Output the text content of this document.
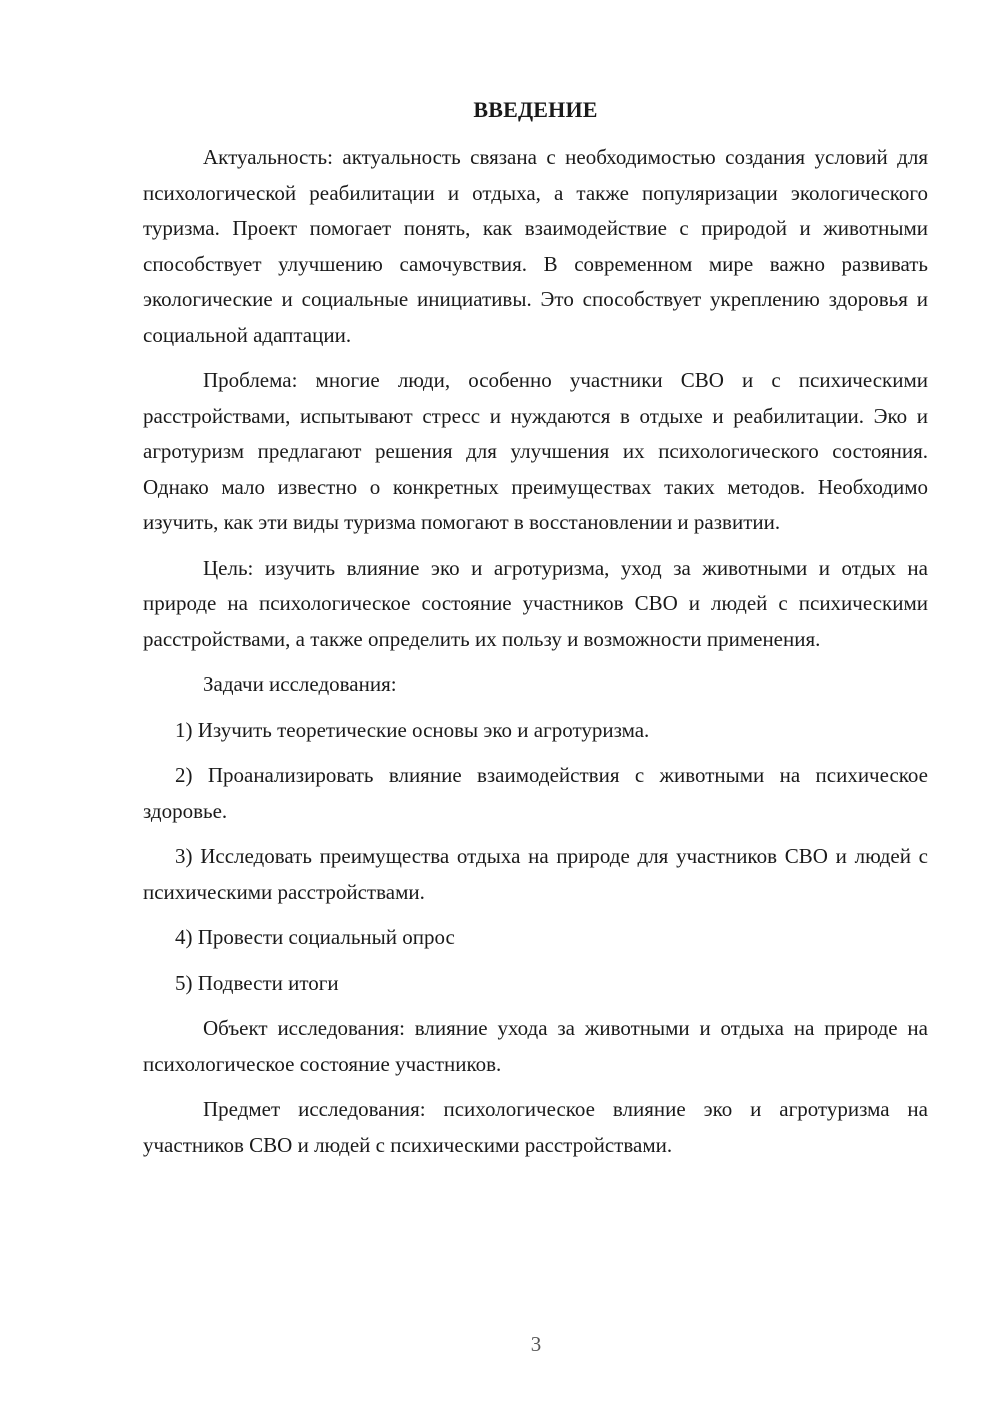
ВВЕДЕНИЕ

Актуальность: актуальность связана с необходимостью создания условий для психологической реабилитации и отдыха, а также популяризации экологического туризма. Проект помогает понять, как взаимодействие с природой и животными способствует улучшению самочувствия. В современном мире важно развивать экологические и социальные инициативы. Это способствует укреплению здоровья и социальной адаптации.

Проблема: многие люди, особенно участники СВО и с психическими расстройствами, испытывают стресс и нуждаются в отдыхе и реабилитации. Эко и агротуризм предлагают решения для улучшения их психологического состояния. Однако мало известно о конкретных преимуществах таких методов. Необходимо изучить, как эти виды туризма помогают в восстановлении и развитии.

Цель: изучить влияние эко и агротуризма, уход за животными и отдых на природе на психологическое состояние участников СВО и людей с психическими расстройствами, а также определить их пользу и возможности применения.

Задачи исследования:

1) Изучить теоретические основы эко и агротуризма.

2) Проанализировать влияние взаимодействия с животными на психическое здоровье.

3) Исследовать преимущества отдыха на природе для участников СВО и людей с психическими расстройствами.

4) Провести социальный опрос

5) Подвести итоги

Объект исследования: влияние ухода за животными и отдыха на природе на психологическое состояние участников.

Предмет исследования: психологическое влияние эко и агротуризма на участников СВО и людей с психическими расстройствами.

3
